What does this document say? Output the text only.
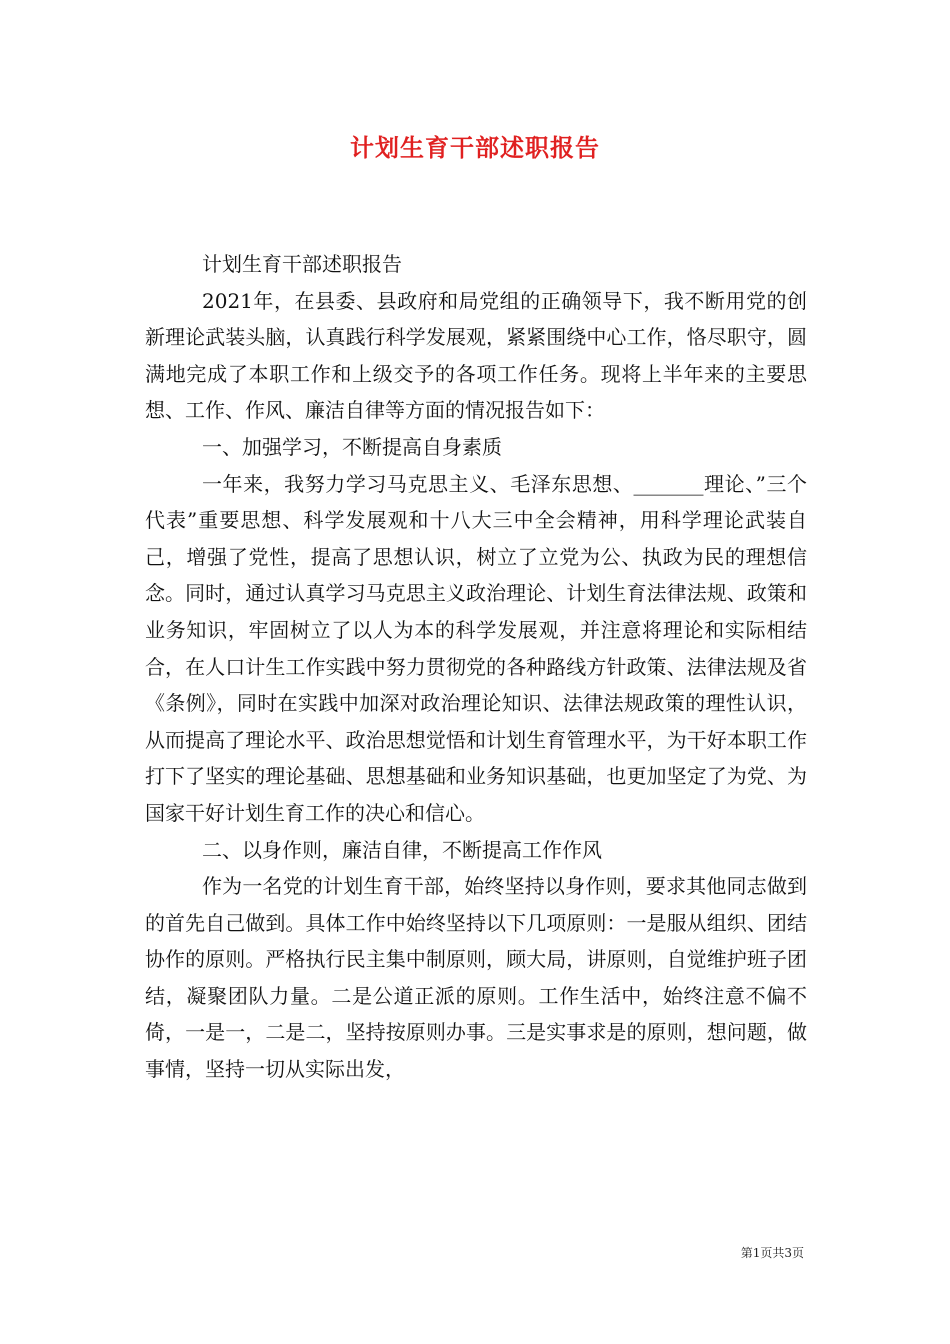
计划生育干部述职报告

计划生育干部述职报告

2021年，在县委、县政府和局党组的正确领导下，我不断用党的创新理论武装头脑，认真践行科学发展观，紧紧围绕中心工作，恪尽职守，圆满地完成了本职工作和上级交予的各项工作任务。现将上半年来的主要思想、工作、作风、廉洁自律等方面的情况报告如下：

一、加强学习，不断提高自身素质

一年来，我努力学习马克思主义、毛泽东思想、_______理论、”三个代表”重要思想、科学发展观和十八大三中全会精神，用科学理论武装自己，增强了党性，提高了思想认识，树立了立党为公、执政为民的理想信念。同时，通过认真学习马克思主义政治理论、计划生育法律法规、政策和业务知识，牢固树立了以人为本的科学发展观，并注意将理论和实际相结合，在人口计生工作实践中努力贯彻党的各种路线方针政策、法律法规及省《条例》，同时在实践中加深对政治理论知识、法律法规政策的理性认识，从而提高了理论水平、政治思想觉悟和计划生育管理水平，为干好本职工作打下了坚实的理论基础、思想基础和业务知识基础，也更加坚定了为党、为国家干好计划生育工作的决心和信心。

二、以身作则，廉洁自律，不断提高工作作风

作为一名党的计划生育干部，始终坚持以身作则，要求其他同志做到的首先自己做到。具体工作中始终坚持以下几项原则：一是服从组织、团结协作的原则。严格执行民主集中制原则，顾大局，讲原则，自觉维护班子团结，凝聚团队力量。二是公道正派的原则。工作生活中，始终注意不偏不倚，一是一，二是二，坚持按原则办事。三是实事求是的原则，想问题，做事情，坚持一切从实际出发，

第1页共3页
